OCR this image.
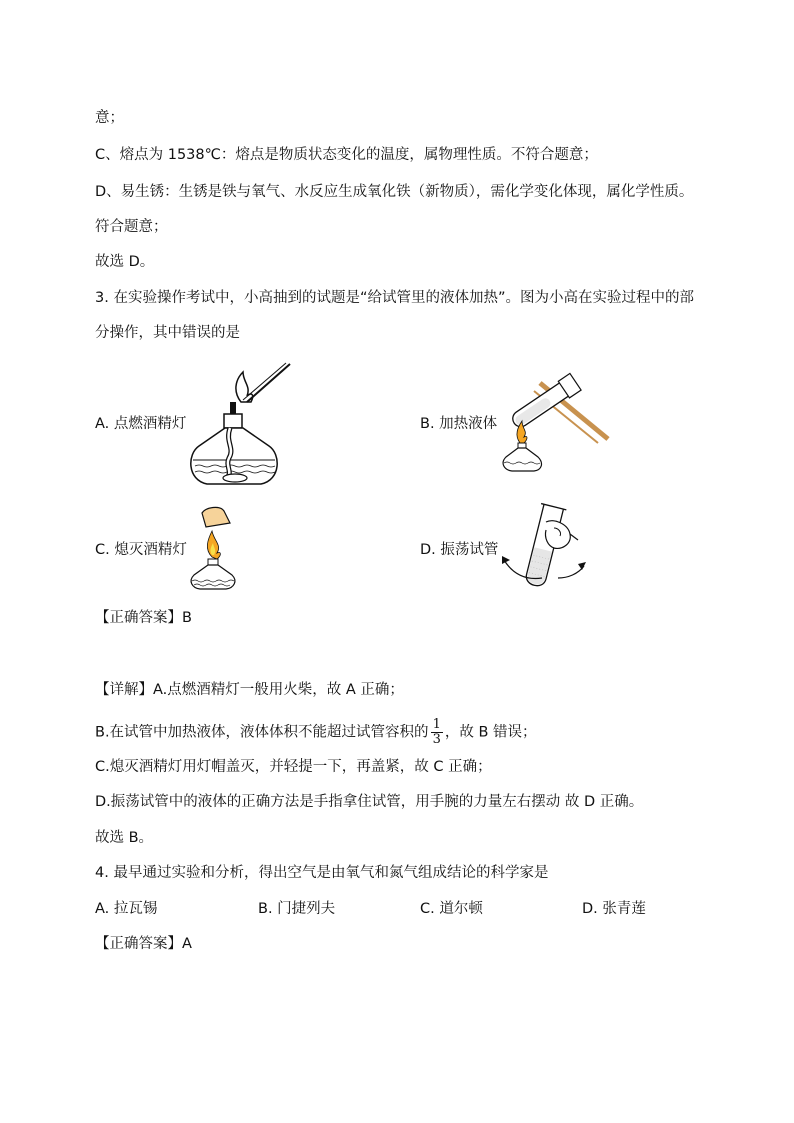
意；
C、熔点为 1538℃：熔点是物质状态变化的温度，属物理性质。不符合题意；
D、易生锈：生锈是铁与氧气、水反应生成氧化铁（新物质），需化学变化体现，属化学性质。
符合题意；
故选 D。
3. 在实验操作考试中，小高抽到的试题是“给试管里的液体加热”。图为小高在实验过程中的部
分操作，其中错误的是
A. 点燃酒精灯	B. 加热液体
C. 熄灭酒精灯	D. 振荡试管
【正确答案】B
【详解】A.点燃酒精灯一般用火柴，故 A 正确；
B.在试管中加热液体，液体体积不能超过试管容积的 $\frac{1}{3}$ ，故 B 错误；
C.熄灭酒精灯用灯帽盖灭，并轻提一下，再盖紧，故 C 正确；
D.振荡试管中的液体的正确方法是手指拿住试管，用手腕的力量左右摆动 故 D 正确。
故选 B。
4. 最早通过实验和分析，得出空气是由氧气和氮气组成结论的科学家是
A. 拉瓦锡	B. 门捷列夫	C. 道尔顿	D. 张青莲
【正确答案】A
